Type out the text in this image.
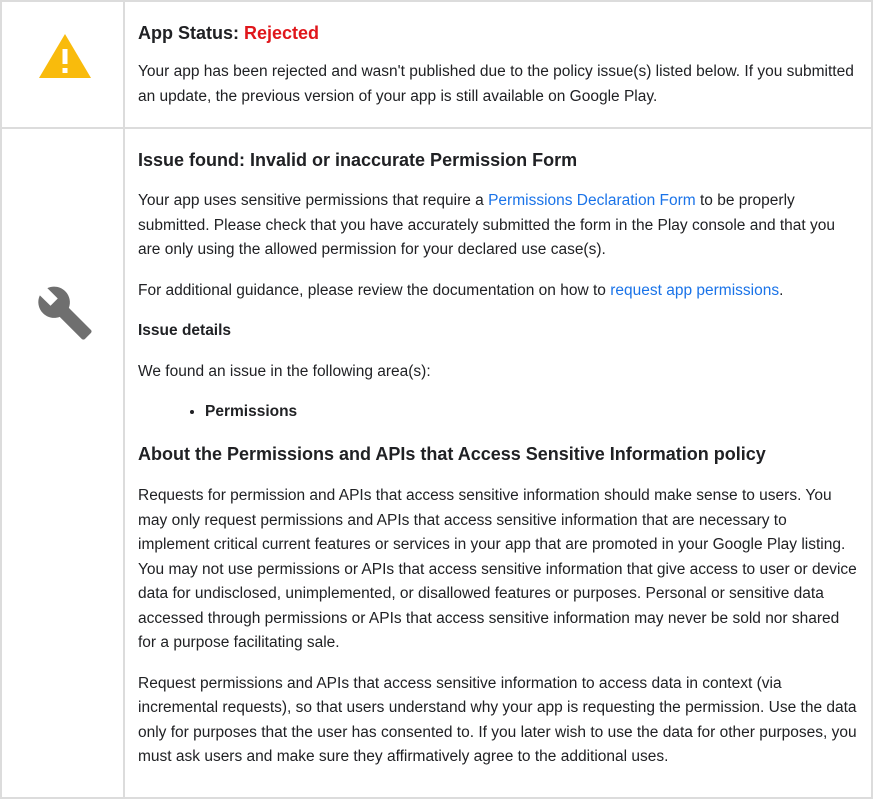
App Status: Rejected

Your app has been rejected and wasn't published due to the policy issue(s) listed below. If you submitted an update, the previous version of your app is still available on Google Play.

Issue found: Invalid or inaccurate Permission Form

Your app uses sensitive permissions that require a Permissions Declaration Form to be properly submitted. Please check that you have accurately submitted the form in the Play console and that you are only using the allowed permission for your declared use case(s).

For additional guidance, please review the documentation on how to request app permissions.

Issue details

We found an issue in the following area(s):

• Permissions
About the Permissions and APIs that Access Sensitive Information policy

Requests for permission and APIs that access sensitive information should make sense to users. You may only request permissions and APIs that access sensitive information that are necessary to implement critical current features or services in your app that are promoted in your Google Play listing. You may not use permissions or APIs that access sensitive information that give access to user or device data for undisclosed, unimplemented, or disallowed features or purposes. Personal or sensitive data accessed through permissions or APIs that access sensitive information may never be sold nor shared for a purpose facilitating sale.

Request permissions and APIs that access sensitive information to access data in context (via incremental requests), so that users understand why your app is requesting the permission. Use the data only for purposes that the user has consented to. If you later wish to use the data for other purposes, you must ask users and make sure they affirmatively agree to the additional uses.
